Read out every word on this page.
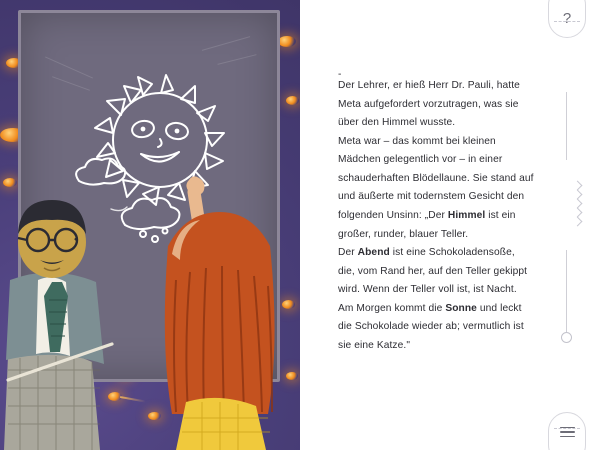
-

Der Lehrer, er hieß Herr Dr. Pauli, hatte Meta aufgefordert vorzutragen, was sie über den Himmel wusste.

Meta war – das kommt bei kleinen Mädchen gelegentlich vor – in einer schauderhaften Blödellaune. Sie stand auf und äußerte mit todernstem Gesicht den folgenden Unsinn: „Der Himmel ist ein großer, runder, blauer Teller.

Der Abend ist eine Schokoladensoße, die, vom Rand her, auf den Teller gekippt wird. Wenn der Teller voll ist, ist Nacht. Am Morgen kommt die Sonne und leckt die Schokolade wieder ab; vermutlich ist sie eine Katze."

?
